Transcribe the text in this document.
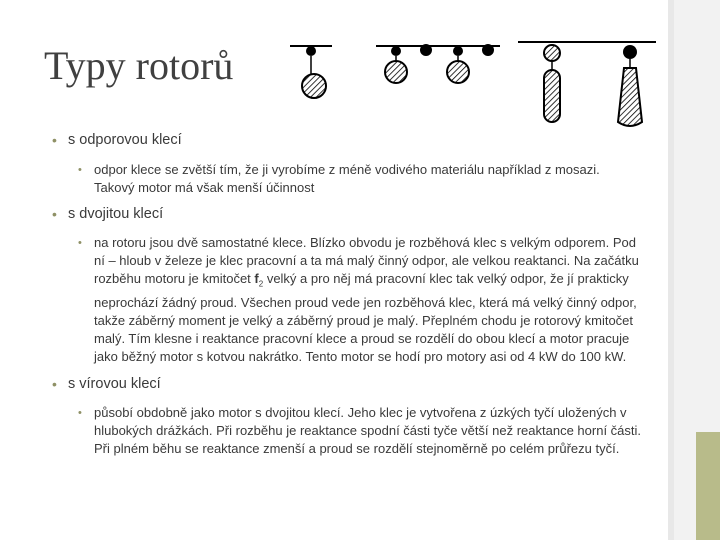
Typy rotorů

• s odporovou klecí

• odpor klece se zvětší tím, že ji vyrobíme z méně vodivého materiálu například z mosazi. Takový motor má však menší účinnost

• s dvojitou klecí

• na rotoru jsou dvě samostatné klece. Blízko obvodu je rozběhová klec s velkým odporem. Pod ní – hloub v železe je klec pracovní a ta má malý činný odpor, ale velkou reaktanci. Na začátku rozběhu motoru je kmitočet $f_2$ velký a pro něj má pracovní klec tak velký odpor, že jí prakticky neprochází žádný proud. Všechen proud vede jen rozběhová klec, která má velký činný odpor, takže záběrný moment je velký a záběrný proud je malý. Přeplném chodu je rotorový kmitočet malý. Tím klesne i reaktance pracovní klece a proud se rozdělí do obou klecí a motor pracuje jako běžný motor s kotvou nakrátko. Tento motor se hodí pro motory asi od 4 kW do 100 kW.

• s vírovou klecí

• působí obdobně jako motor s dvojitou klecí. Jeho klec je vytvořena z úzkých tyčí uložených v hlubokých drážkách. Při rozběhu je reaktance spodní části tyče větší než reaktance horní části. Při plném běhu se reaktance zmenší a proud se rozdělí stejnoměrně po celém průřezu tyčí.
